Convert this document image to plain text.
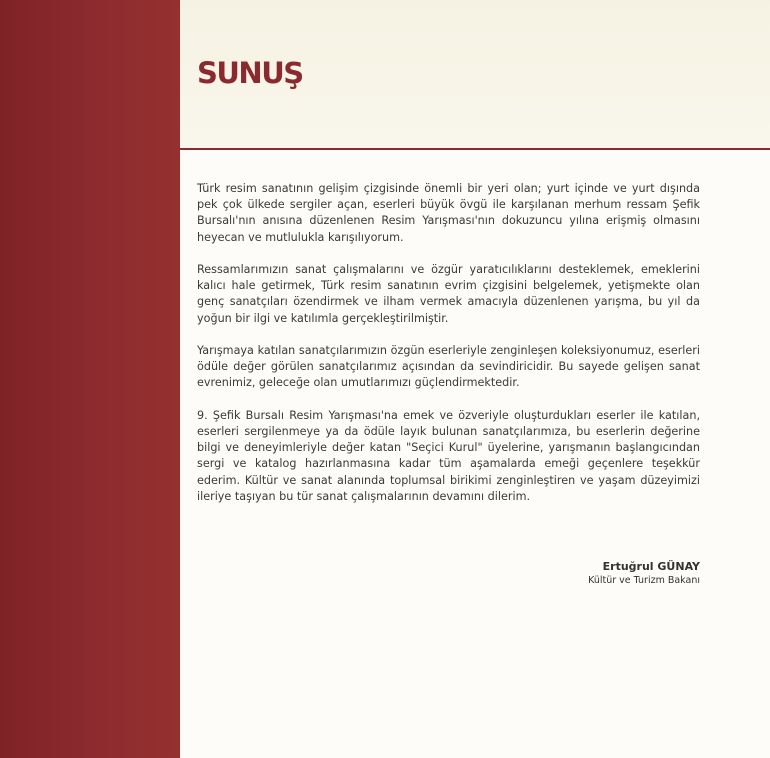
SUNUŞ

Türk resim sanatının gelişim çizgisinde önemli bir yeri olan; yurt içinde ve yurt dışında pek çok ülkede sergiler açan, eserleri büyük övgü ile karşılanan merhum ressam Şefik Bursalı'nın anısına düzenlenen Resim Yarışması'nın dokuzuncu yılına erişmiş olmasını heyecan ve mutlulukla karışılıyorum.

Ressamlarımızın sanat çalışmalarını ve özgür yaratıcılıklarını desteklemek, emeklerini kalıcı hale getirmek, Türk resim sanatının evrim çizgisini belgelemek, yetişmekte olan genç sanatçıları özendirmek ve ilham vermek amacıyla düzenlenen yarışma, bu yıl da yoğun bir ilgi ve katılımla gerçekleştirilmiştir.

Yarışmaya katılan sanatçılarımızın özgün eserleriyle zenginleşen koleksiyonumuz, eserleri ödüle değer görülen sanatçılarımız açısından da sevindiricidir. Bu sayede gelişen sanat evrenimiz, geleceğe olan umutlarımızı güçlendirmektedir.

9. Şefik Bursalı Resim Yarışması'na emek ve özveriyle oluşturdukları eserler ile katılan, eserleri sergilenmeye ya da ödüle layık bulunan sanatçılarımıza, bu eserlerin değerine bilgi ve deneyimleriyle değer katan "Seçici Kurul" üyelerine, yarışmanın başlangıcından sergi ve katalog hazırlanmasına kadar tüm aşamalarda emeği geçenlere teşekkür ederim. Kültür ve sanat alanında toplumsal birikimi zenginleştiren ve yaşam düzeyimizi ileriye taşıyan bu tür sanat çalışmalarının devamını dilerim.

Ertuğrul GÜNAY
Kültür ve Turizm Bakanı
